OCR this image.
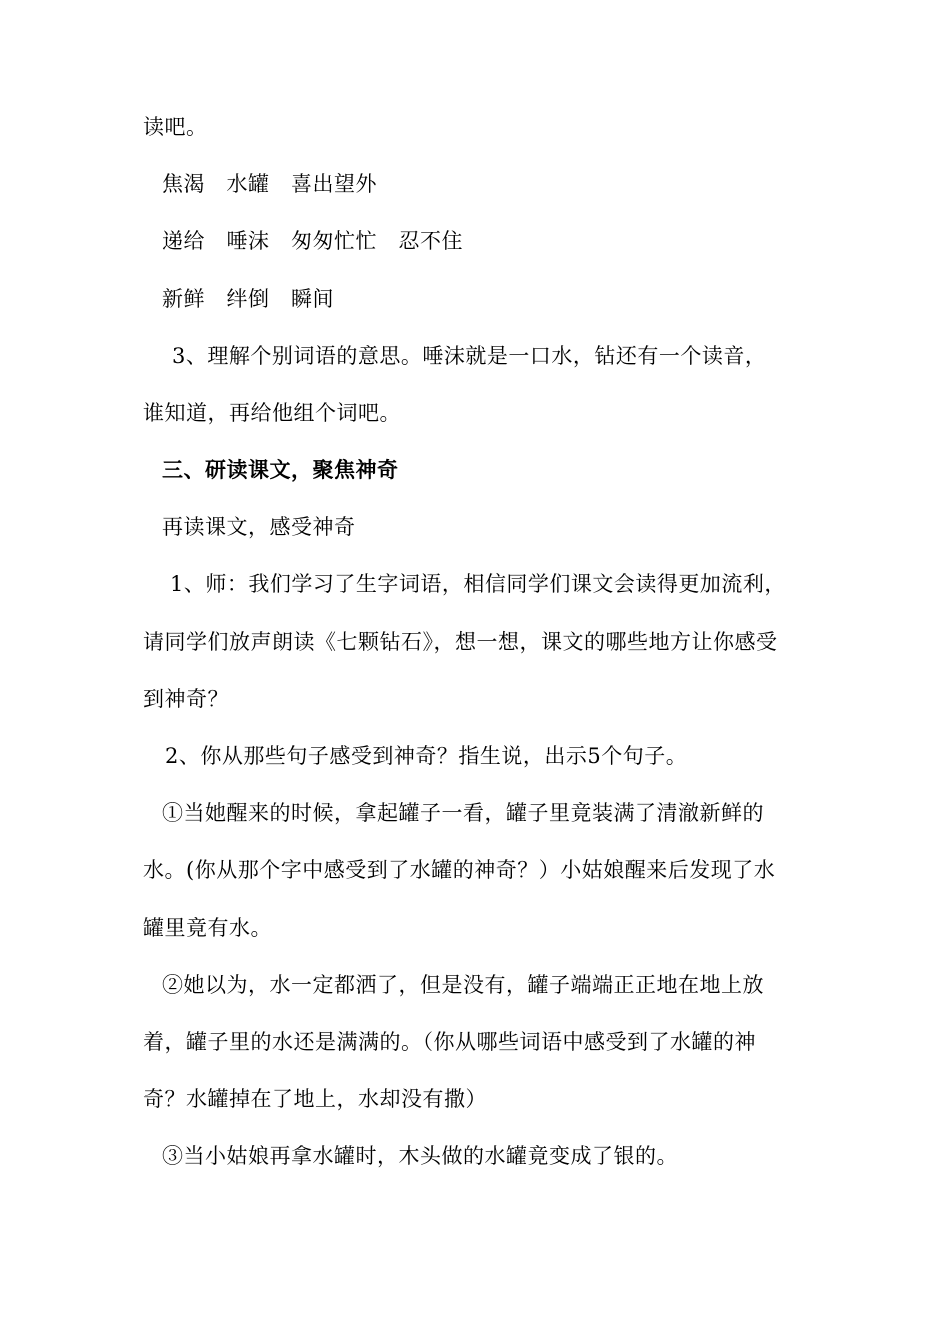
读吧。
焦渴　水罐　喜出望外
递给　唾沫　匆匆忙忙　忍不住
新鲜　绊倒　瞬间
3、理解个别词语的意思。唾沫就是一口水，钻还有一个读音，
谁知道，再给他组个词吧。
三、研读课文，聚焦神奇
再读课文，感受神奇
1、师：我们学习了生字词语，相信同学们课文会读得更加流利，
请同学们放声朗读《七颗钻石》，想一想，课文的哪些地方让你感受
到神奇？
2、你从那些句子感受到神奇？指生说，出示5个句子。
①当她醒来的时候，拿起罐子一看，罐子里竟装满了清澈新鲜的
水。(你从那个字中感受到了水罐的神奇？）小姑娘醒来后发现了水
罐里竟有水。
②她以为，水一定都洒了，但是没有，罐子端端正正地在地上放
着，罐子里的水还是满满的。（你从哪些词语中感受到了水罐的神
奇？水罐掉在了地上，水却没有撒）
③当小姑娘再拿水罐时，木头做的水罐竟变成了银的。
